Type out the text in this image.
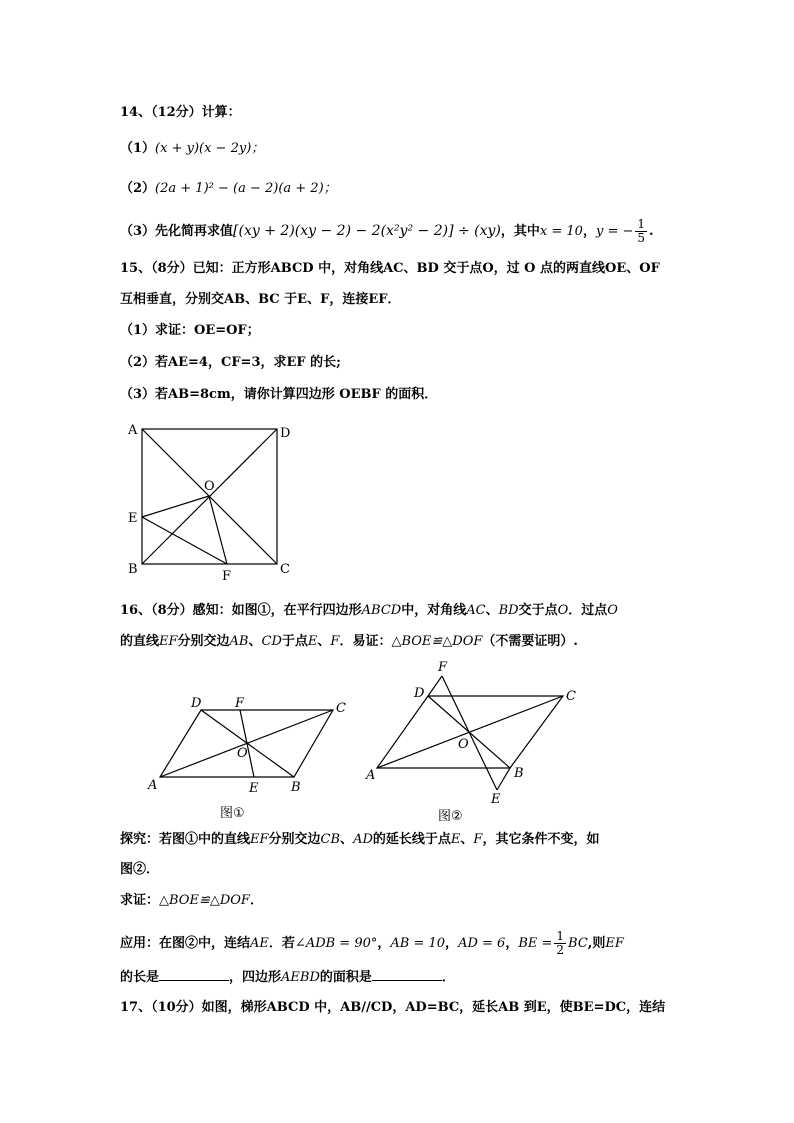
14、（12分）计算：
（1）(x + y)(x − 2y)；
（2）(2a + 1)² − (a − 2)(a + 2)；
（3）先化简再求值[(xy + 2)(xy − 2) − 2(x²y² − 2)] ÷ (xy)，其中x = 10，y = − $\frac{1}{5}$ .
15、（8分）已知：正方形ABCD 中，对角线AC、BD 交于点O，过 O 点的两直线OE、OF
互相垂直，分别交AB、BC 于E、F，连接EF．
（1）求证：OE=OF；
（2）若AE=4，CF=3，求EF 的长;
（3）若AB=8cm，请你计算四边形 OEBF 的面积．
A	D
O
E
B	F	C
16、（8分）感知：如图①，在平行四边形ABCD中，对角线AC、BD交于点O．过点O
的直线EF分别交边AB、CD于点E、F．易证：△BOE≌△DOF（不需要证明）.
D	F	C
O
A	E	B
图①
F
D	C
O
A	B
E
图②
探究：若图①中的直线EF分别交边CB、AD的延长线于点E、F，其它条件不变，如
图②．
求证：△BOE≌△DOF．
应用：在图②中，连结AE．若∠ADB = 90°，AB = 10，AD = 6，BE = $\frac{1}{2}$ BC,则EF
的长是	，四边形AEBD的面积是	．
17、（10分）如图，梯形ABCD 中，AB//CD，AD=BC，延长AB 到E，使BE=DC，连结
